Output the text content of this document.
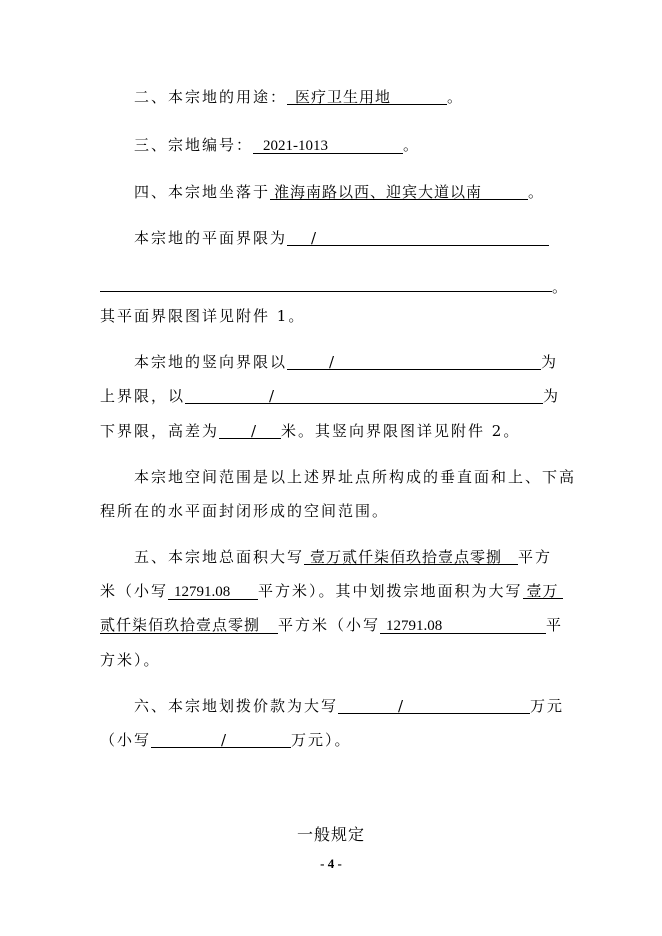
二、本宗地的用途： 医疗卫生用地	。
三、宗地编号： 2021-1013	。
四、本宗地坐落于 淮海南路以西、迎宾大道以南	。
本宗地的平面界限为 /
。
其平面界限图详见附件 1。
本宗地的竖向界限以	/	为
上界限，以	/	为
下界限，高差为 / 米。其竖向界限图详见附件 2。
本宗地空间范围是以上述界址点所构成的垂直面和上、下高
程所在的水平面封闭形成的空间范围。
五、本宗地总面积大写 壹万贰仟柒佰玖拾壹点零捌 平方
米（小写 12791.08 平方米）。其中划拨宗地面积为大写 壹万
贰仟柒佰玖拾壹点零捌 平方米（小写 12791.08	平
方米）。
六、本宗地划拨价款为大写	/	万元
（小写	/	万元）。
一般规定
- 4 -
